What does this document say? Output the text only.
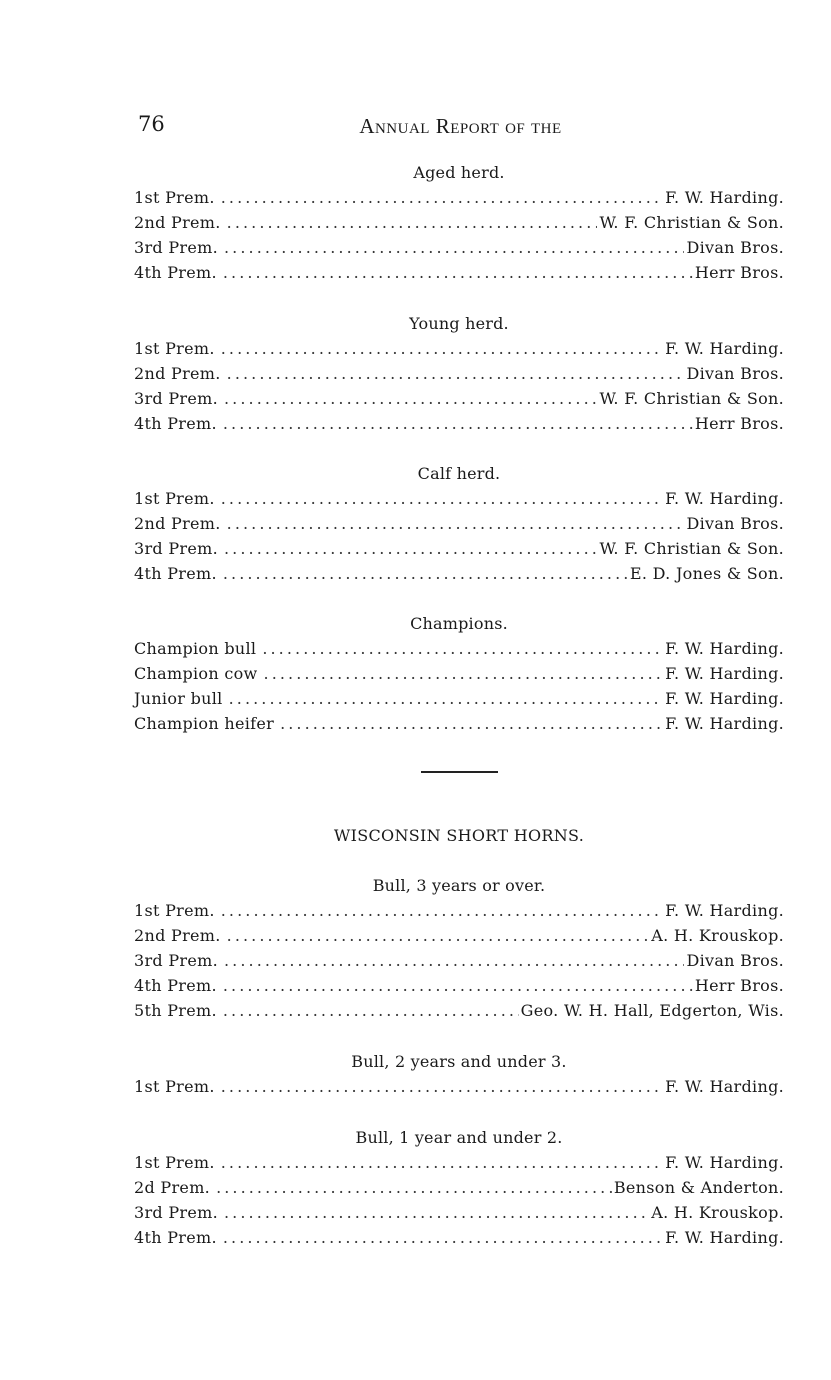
76	Annual Report of the
Aged herd.
1st Prem. . . .	F. W. Harding.
2nd Prem. . . .	W. F. Christian & Son.
3rd Prem. . . .	Divan Bros.
4th Prem. . . .	Herr Bros.
Young herd.
1st Prem. . . .	F. W. Harding.
2nd Prem. . . .	Divan Bros.
3rd Prem. . . .	W. F. Christian & Son.
4th Prem. . . .	Herr Bros.
Calf herd.
1st Prem. . . .	F. W. Harding.
2nd Prem. . . .	Divan Bros.
3rd Prem. . . .	W. F. Christian & Son.
4th Prem. . . .	E. D. Jones & Son.
Champions.
Champion bull . . .	F. W. Harding.
Champion cow . . .	F. W. Harding.
Junior bull . . .	F. W. Harding.
Champion heifer . . .	F. W. Harding.
WISCONSIN SHORT HORNS.
Bull, 3 years or over.
1st Prem. . . .	F. W. Harding.
2nd Prem. . . .	A. H. Krouskop.
3rd Prem. . . .	Divan Bros.
4th Prem. . . .	Herr Bros.
5th Prem. . . .	Geo. W. H. Hall, Edgerton, Wis.
Bull, 2 years and under 3.
1st Prem. . . .	F. W. Harding.
Bull, 1 year and under 2.
1st Prem. . . .	F. W. Harding.
2d Prem. . . .	Benson & Anderton.
3rd Prem. . . .	A. H. Krouskop.
4th Prem. . . .	F. W. Harding.
